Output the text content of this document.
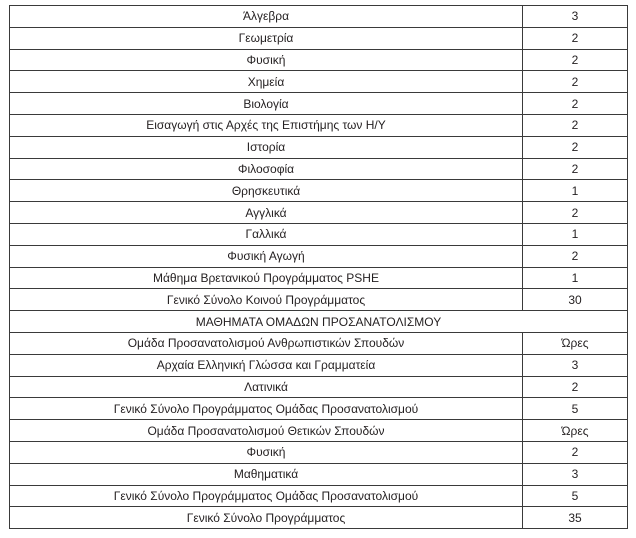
Άλγεβρα	3
Γεωμετρία	2
Φυσική	2
Χημεία	2
Βιολογία	2
Εισαγωγή στις Αρχές της Επιστήμης των Η/Υ	2
Ιστορία	2
Φιλοσοφία	2
Θρησκευτικά	1
Αγγλικά	2
Γαλλικά	1
Φυσική Αγωγή	2
Μάθημα Βρετανικού Προγράμματος PSHE	1
Γενικό Σύνολο Κοινού Προγράμματος	30
ΜΑΘΗΜΑΤΑ ΟΜΑΔΩΝ ΠΡΟΣΑΝΑΤΟΛΙΣΜΟΥ	
Ομάδα Προσανατολισμού Ανθρωπιστικών Σπουδών	Ώρες
Αρχαία Ελληνική Γλώσσα και Γραμματεία	3
Λατινικά	2
Γενικό Σύνολο Προγράμματος Ομάδας Προσανατολισμού	5
Ομάδα Προσανατολισμού Θετικών Σπουδών	Ώρες
Φυσική	2
Μαθηματικά	3
Γενικό Σύνολο Προγράμματος Ομάδας Προσανατολισμού	5
Γενικό Σύνολο Προγράμματος	35
